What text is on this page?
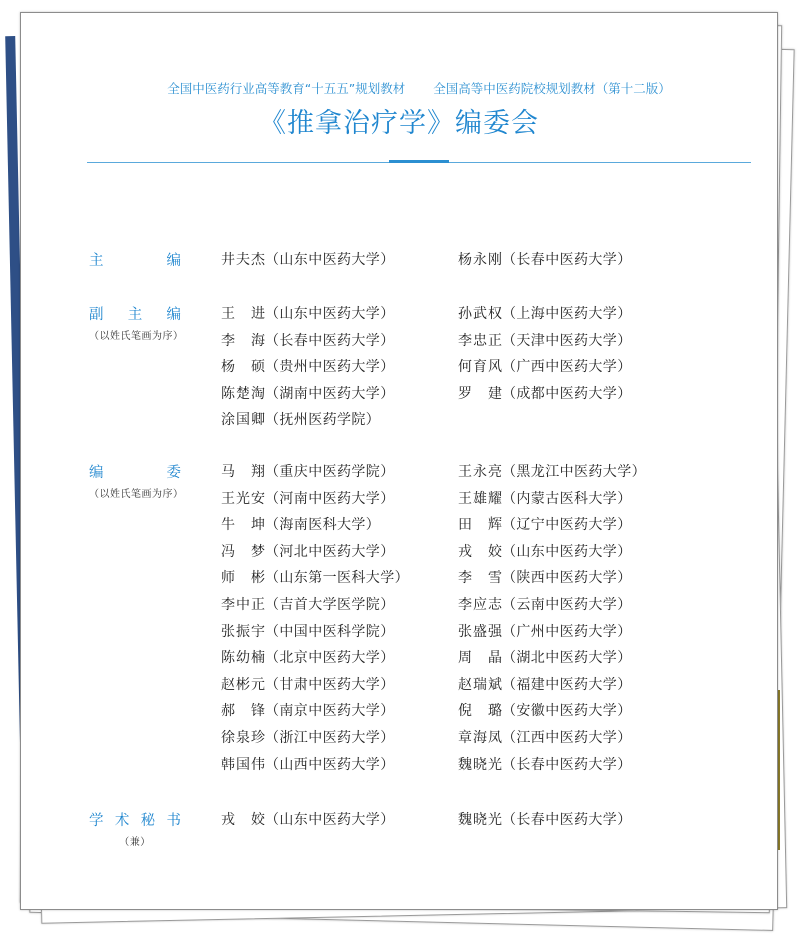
全国中医药行业高等教育“十五五”规划教材 全国高等中医药院校规划教材（第十二版）
《推拿治疗学》编委会
主	编	井夫杰（山东中医药大学）	杨永刚（长春中医药大学）
副 主 编
（以姓氏笔画为序）
王　进（山东中医药大学）	孙武权（上海中医药大学）
李　海（长春中医药大学）	李忠正（天津中医药大学）
杨　硕（贵州中医药大学）	何育风（广西中医药大学）
陈楚淘（湖南中医药大学）	罗　建（成都中医药大学）
涂国卿（抚州医药学院）
编	委
（以姓氏笔画为序）
马　翔（重庆中医药学院）	王永亮（黑龙江中医药大学）
王光安（河南中医药大学）	王雄耀（内蒙古医科大学）
牛　坤（海南医科大学）	田　辉（辽宁中医药大学）
冯　梦（河北中医药大学）	戎　姣（山东中医药大学）
师　彬（山东第一医科大学）	李　雪（陕西中医药大学）
李中正（吉首大学医学院）	李应志（云南中医药大学）
张振宇（中国中医科学院）	张盛强（广州中医药大学）
陈幼楠（北京中医药大学）	周　晶（湖北中医药大学）
赵彬元（甘肃中医药大学）	赵瑞斌（福建中医药大学）
郝　锋（南京中医药大学）	倪　璐（安徽中医药大学）
徐泉珍（浙江中医药大学）	章海凤（江西中医药大学）
韩国伟（山西中医药大学）	魏晓光（长春中医药大学）
学 术 秘 书
（兼）
戎　姣（山东中医药大学）	魏晓光（长春中医药大学）
